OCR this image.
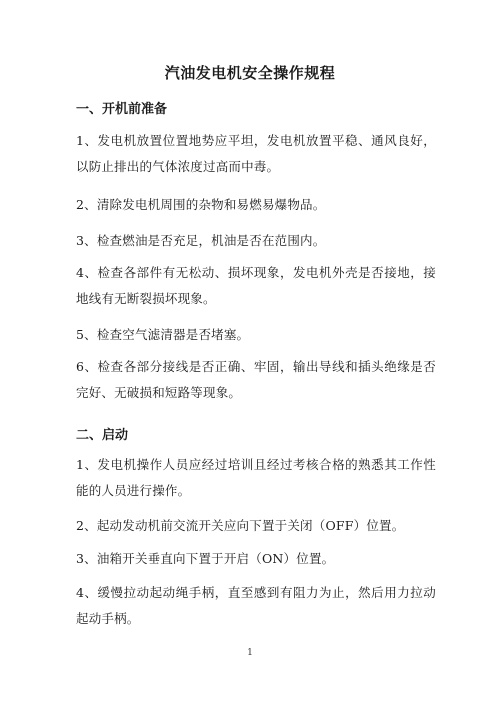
汽油发电机安全操作规程
一、开机前准备
1、发电机放置位置地势应平坦，发电机放置平稳、通风良好，以防止排出的气体浓度过高而中毒。
2、清除发电机周围的杂物和易燃易爆物品。
3、检查燃油是否充足，机油是否在范围内。
4、检查各部件有无松动、损坏现象，发电机外壳是否接地，接地线有无断裂损坏现象。
5、检查空气滤清器是否堵塞。
6、检查各部分接线是否正确、牢固，输出导线和插头绝缘是否完好、无破损和短路等现象。
二、启动
1、发电机操作人员应经过培训且经过考核合格的熟悉其工作性能的人员进行操作。
2、起动发动机前交流开关应向下置于关闭（OFF）位置。
3、油箱开关垂直向下置于开启（ON）位置。
4、缓慢拉动起动绳手柄，直至感到有阻力为止，然后用力拉动起动手柄。
1
